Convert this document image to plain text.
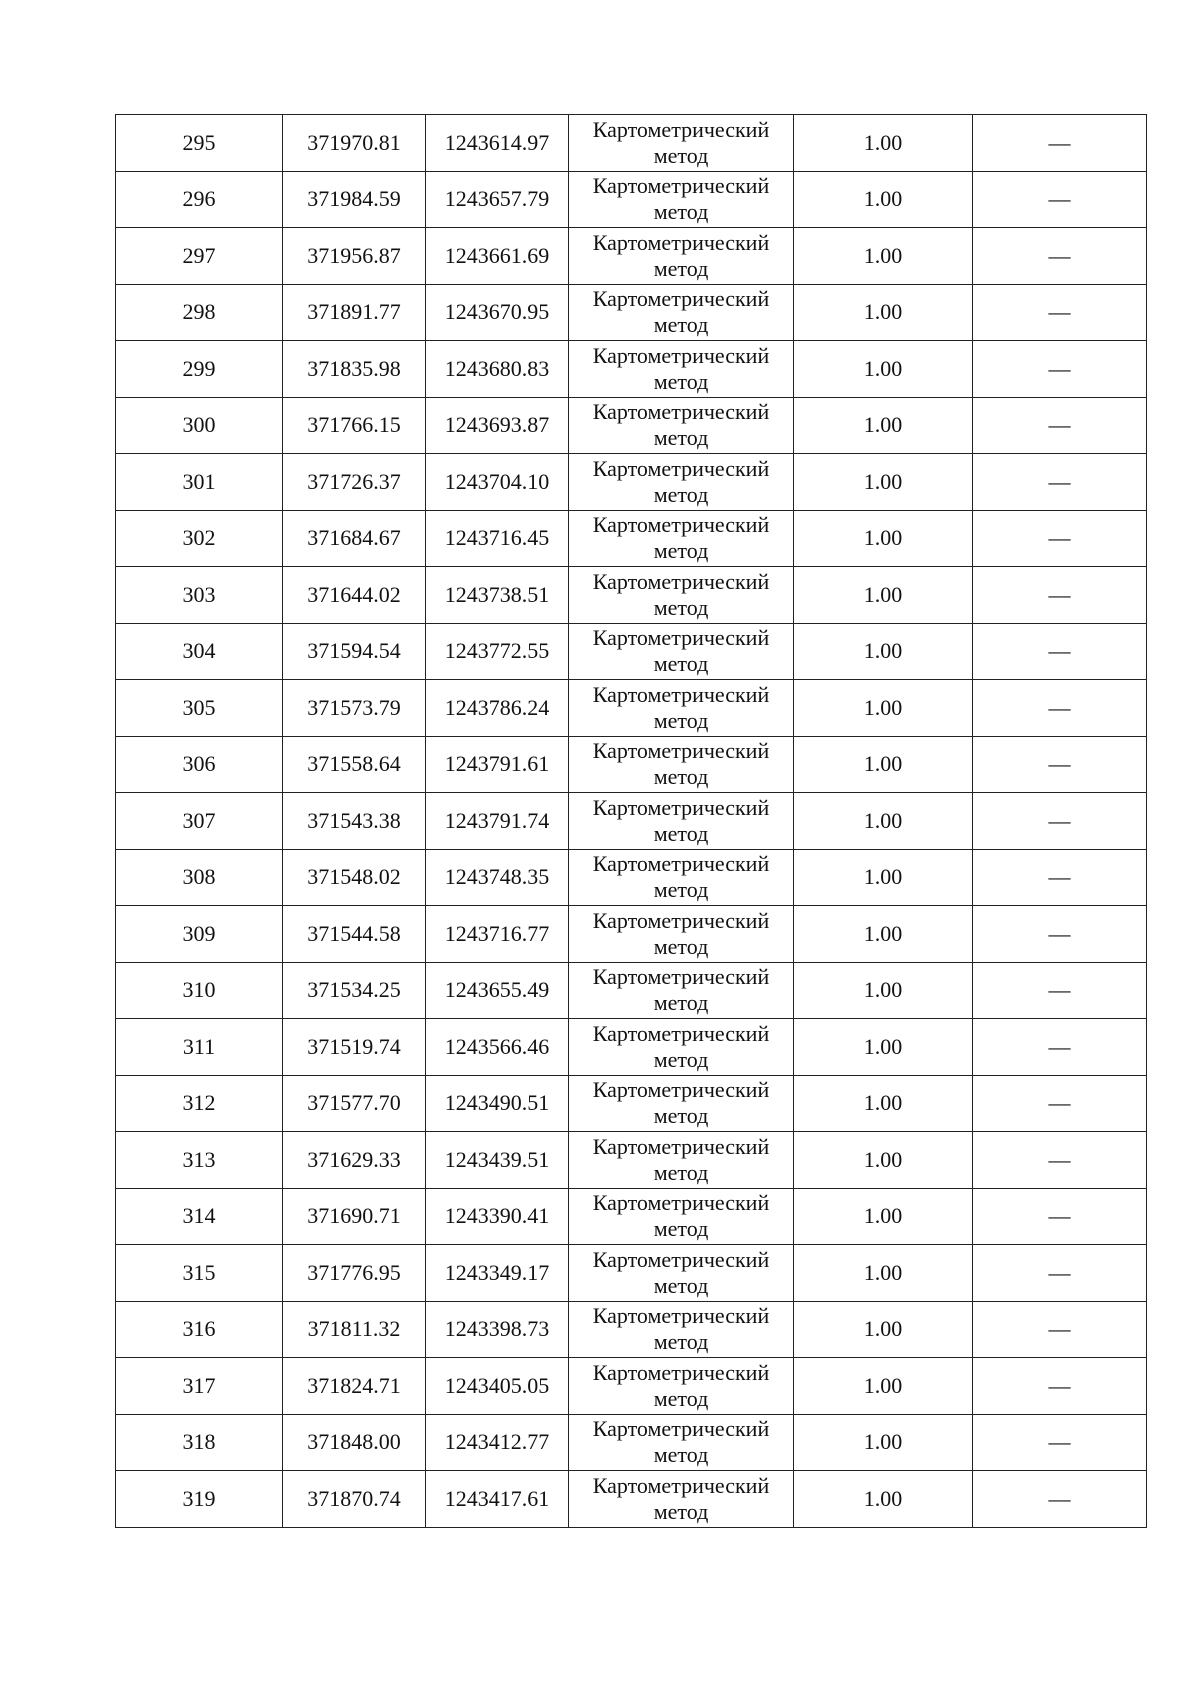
295	371970.81	1243614.97	Картометрический метод	1.00	—
296	371984.59	1243657.79	Картометрический метод	1.00	—
297	371956.87	1243661.69	Картометрический метод	1.00	—
298	371891.77	1243670.95	Картометрический метод	1.00	—
299	371835.98	1243680.83	Картометрический метод	1.00	—
300	371766.15	1243693.87	Картометрический метод	1.00	—
301	371726.37	1243704.10	Картометрический метод	1.00	—
302	371684.67	1243716.45	Картометрический метод	1.00	—
303	371644.02	1243738.51	Картометрический метод	1.00	—
304	371594.54	1243772.55	Картометрический метод	1.00	—
305	371573.79	1243786.24	Картометрический метод	1.00	—
306	371558.64	1243791.61	Картометрический метод	1.00	—
307	371543.38	1243791.74	Картометрический метод	1.00	—
308	371548.02	1243748.35	Картометрический метод	1.00	—
309	371544.58	1243716.77	Картометрический метод	1.00	—
310	371534.25	1243655.49	Картометрический метод	1.00	—
311	371519.74	1243566.46	Картометрический метод	1.00	—
312	371577.70	1243490.51	Картометрический метод	1.00	—
313	371629.33	1243439.51	Картометрический метод	1.00	—
314	371690.71	1243390.41	Картометрический метод	1.00	—
315	371776.95	1243349.17	Картометрический метод	1.00	—
316	371811.32	1243398.73	Картометрический метод	1.00	—
317	371824.71	1243405.05	Картометрический метод	1.00	—
318	371848.00	1243412.77	Картометрический метод	1.00	—
319	371870.74	1243417.61	Картометрический метод	1.00	—
